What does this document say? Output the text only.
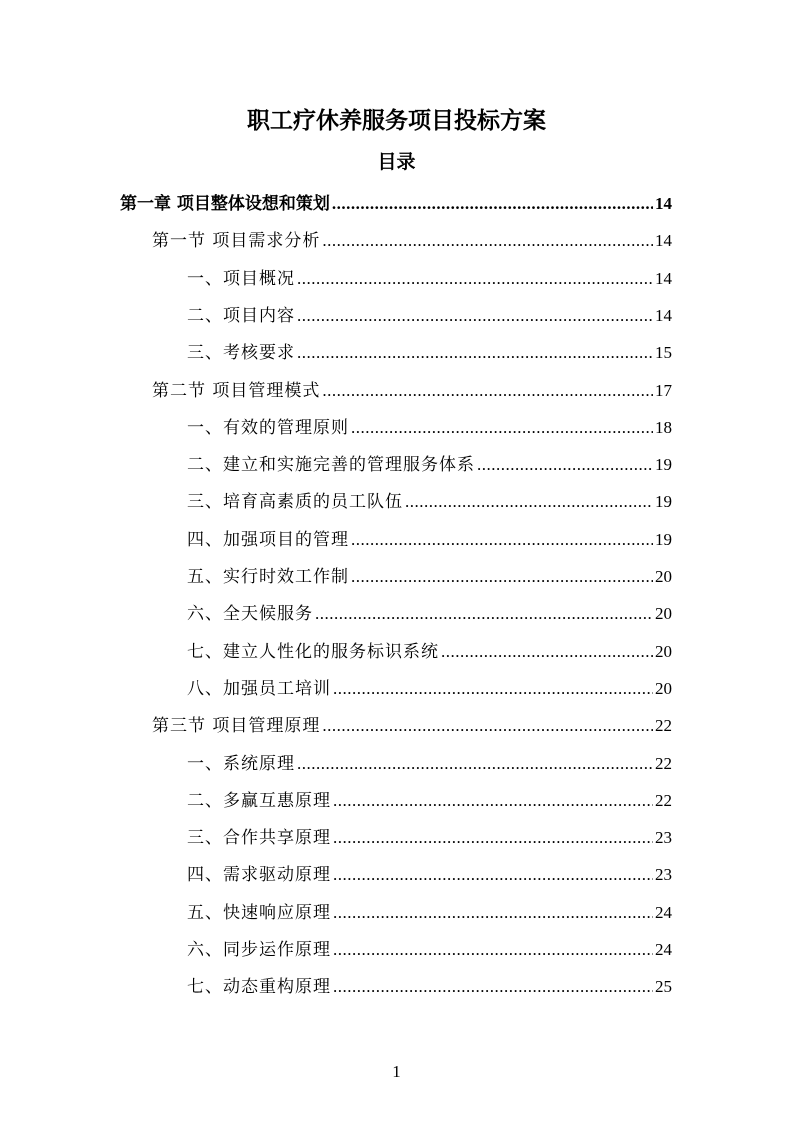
职工疗休养服务项目投标方案
目录
第一章 项目整体设想和策划 .....	14
第一节 项目需求分析 .....	14
一、项目概况 .....	14
二、项目内容 .....	14
三、考核要求 .....	15
第二节 项目管理模式 .....	17
一、有效的管理原则 .....	18
二、建立和实施完善的管理服务体系 .....	19
三、培育高素质的员工队伍 .....	19
四、加强项目的管理 .....	19
五、实行时效工作制 .....	20
六、全天候服务 .....	20
七、建立人性化的服务标识系统 .....	20
八、加强员工培训 .....	20
第三节 项目管理原理 .....	22
一、系统原理 .....	22
二、多赢互惠原理 .....	22
三、合作共享原理 .....	23
四、需求驱动原理 .....	23
五、快速响应原理 .....	24
六、同步运作原理 .....	24
七、动态重构原理 .....	25
1
